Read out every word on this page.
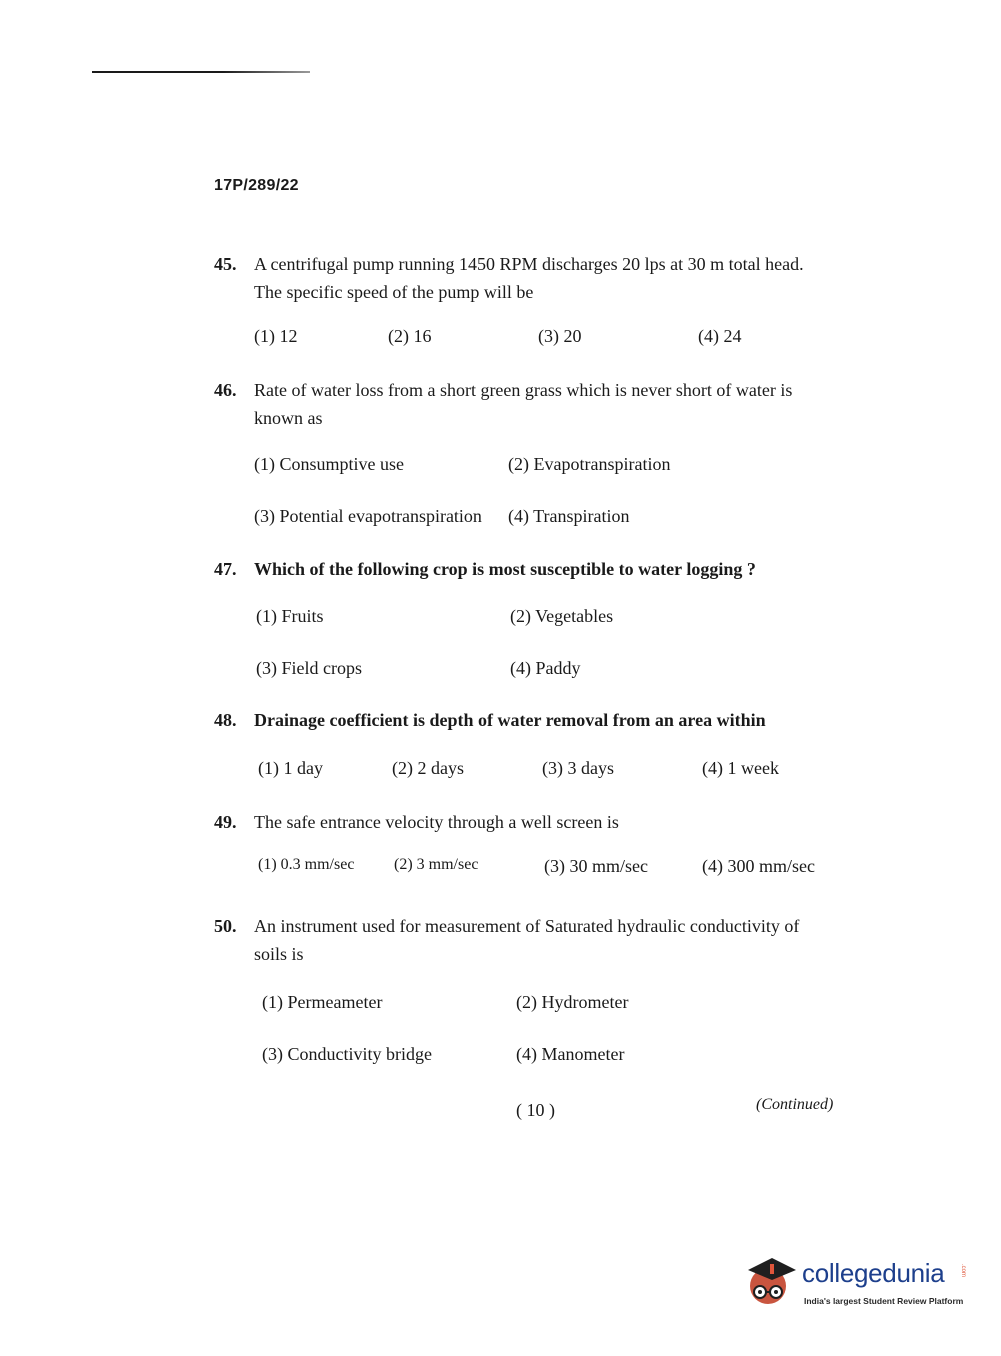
17P/289/22
45. A centrifugal pump running 1450 RPM discharges 20 lps at 30 m total head. The specific speed of the pump will be
(1) 12	(2) 16	(3) 20	(4) 24
46. Rate of water loss from a short green grass which is never short of water is known as
(1) Consumptive use	(2) Evapotranspiration
(3) Potential evapotranspiration (4) Transpiration
47. Which of the following crop is most susceptible to water logging ?
(1) Fruits	(2) Vegetables
(3) Field crops	(4) Paddy
48. Drainage coefficient is depth of water removal from an area within
(1) 1 day	(2) 2 days	(3) 3 days	(4) 1 week
49. The safe entrance velocity through a well screen is
(1) 0.3 mm/sec (2) 3 mm/sec	(3) 30 mm/sec	(4) 300 mm/sec
50. An instrument used for measurement of Saturated hydraulic conductivity of soils is
(1) Permeameter	(2) Hydrometer
(3) Conductivity bridge	(4) Manometer
( 10 )	(Continued)
collegedunia	.com
India's largest Student Review Platform
